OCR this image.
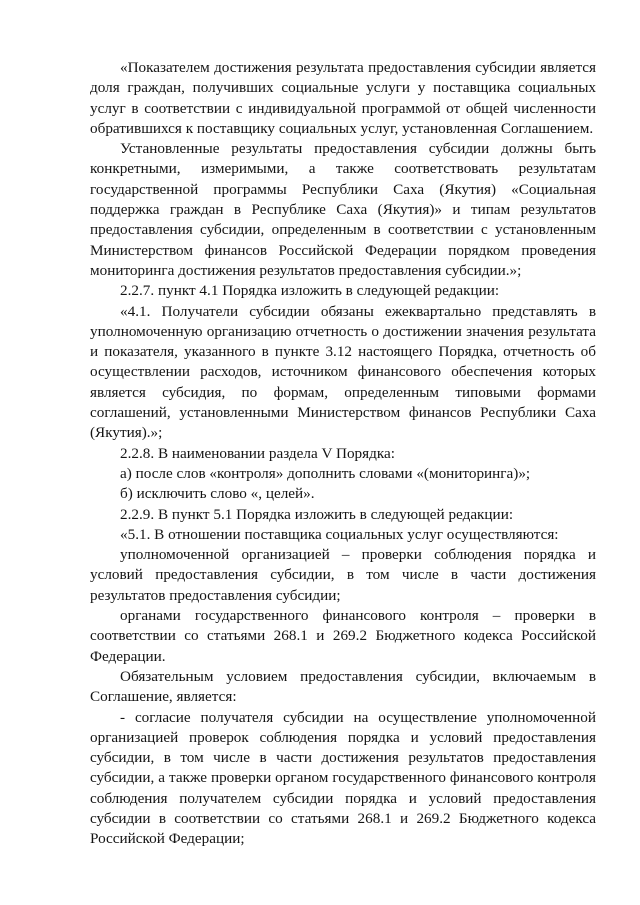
«Показателем достижения результата предоставления субсидии является доля граждан, получивших социальные услуги у поставщика социальных услуг в соответствии с индивидуальной программой от общей численности обратившихся к поставщику социальных услуг, установленная Соглашением.

Установленные результаты предоставления субсидии должны быть конкретными, измеримыми, а также соответствовать результатам государственной программы Республики Саха (Якутия) «Социальная поддержка граждан в Республике Саха (Якутия)» и типам результатов предоставления субсидии, определенным в соответствии с установленным Министерством финансов Российской Федерации порядком проведения мониторинга достижения результатов предоставления субсидии.»;

2.2.7. пункт 4.1 Порядка изложить в следующей редакции:

«4.1. Получатели субсидии обязаны ежеквартально представлять в уполномоченную организацию отчетность о достижении значения результата и показателя, указанного в пункте 3.12 настоящего Порядка, отчетность об осуществлении расходов, источником финансового обеспечения которых является субсидия, по формам, определенным типовыми формами соглашений, установленными Министерством финансов Республики Саха (Якутия).»;

2.2.8. В наименовании раздела V Порядка:

а) после слов «контроля» дополнить словами «(мониторинга)»;

б) исключить слово «, целей».

2.2.9. В пункт 5.1 Порядка изложить в следующей редакции:

«5.1. В отношении поставщика социальных услуг осуществляются:

уполномоченной организацией – проверки соблюдения порядка и условий предоставления субсидии, в том числе в части достижения результатов предоставления субсидии;

органами государственного финансового контроля – проверки в соответствии со статьями 268.1 и 269.2 Бюджетного кодекса Российской Федерации.

Обязательным условием предоставления субсидии, включаемым в Соглашение, является:

- согласие получателя субсидии на осуществление уполномоченной организацией проверок соблюдения порядка и условий предоставления субсидии, в том числе в части достижения результатов предоставления субсидии, а также проверки органом государственного финансового контроля соблюдения получателем субсидии порядка и условий предоставления субсидии в соответствии со статьями 268.1 и 269.2 Бюджетного кодекса Российской Федерации;
